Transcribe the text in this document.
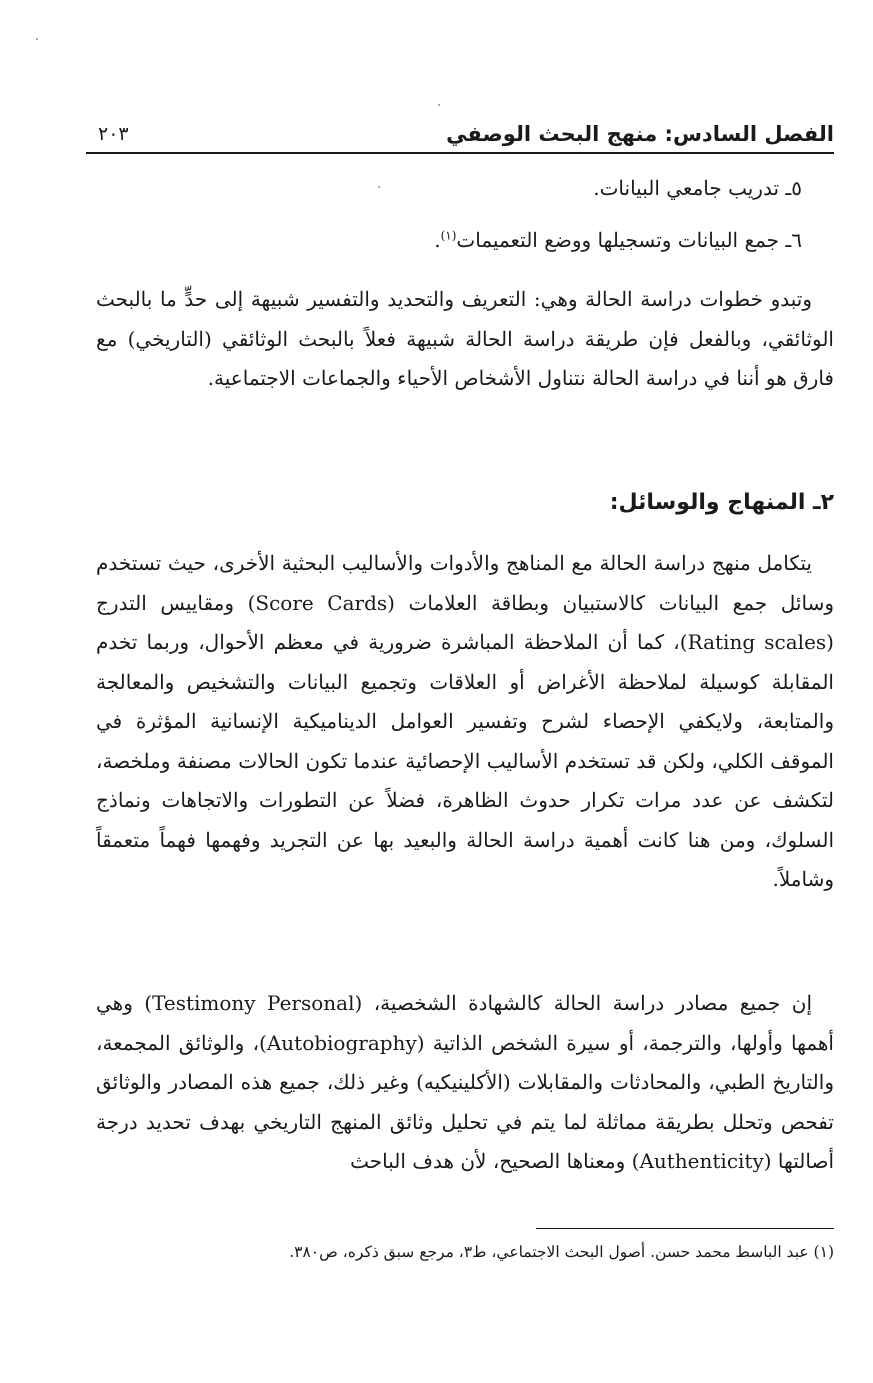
الفصل السادس: منهج البحث الوصفي
٢٠٣
٥ـ تدريب جامعي البيانات.
٦ـ جمع البيانات وتسجيلها ووضع التعميمات$^{(١)}$.
وتبدو خطوات دراسة الحالة وهي: التعريف والتحديد والتفسير شبيهة إلى حدٍّ ما بالبحث الوثائقي، وبالفعل فإن طريقة دراسة الحالة شبيهة فعلاً بالبحث الوثائقي (التاريخي) مع فارق هو أننا في دراسة الحالة نتناول الأشخاص الأحياء والجماعات الاجتماعية.
٢ـ المنهاج والوسائل:
يتكامل منهج دراسة الحالة مع المناهج والأدوات والأساليب البحثية الأخرى، حيث تستخدم وسائل جمع البيانات كالاستبيان وبطاقة العلامات (Score Cards) ومقاييس التدرج (Rating scales)، كما أن الملاحظة المباشرة ضرورية في معظم الأحوال، وربما تخدم المقابلة كوسيلة لملاحظة الأغراض أو العلاقات وتجميع البيانات والتشخيص والمعالجة والمتابعة، ولايكفي الإحصاء لشرح وتفسير العوامل الديناميكية الإنسانية المؤثرة في الموقف الكلي، ولكن قد تستخدم الأساليب الإحصائية عندما تكون الحالات مصنفة وملخصة، لتكشف عن عدد مرات تكرار حدوث الظاهرة، فضلاً عن التطورات والاتجاهات ونماذج السلوك، ومن هنا كانت أهمية دراسة الحالة والبعيد بها عن التجريد وفهمها فهماً متعمقاً وشاملاً.
إن جميع مصادر دراسة الحالة كالشهادة الشخصية، (Testimony Personal) وهي أهمها وأولها، والترجمة، أو سيرة الشخص الذاتية (Autobiography)، والوثائق المجمعة، والتاريخ الطبي، والمحادثات والمقابلات (الأكلينيكيه) وغير ذلك، جميع هذه المصادر والوثائق تفحص وتحلل بطريقة مماثلة لما يتم في تحليل وثائق المنهج التاريخي بهدف تحديد درجة أصالتها (Authenticity) ومعناها الصحيح، لأن هدف الباحث
(١) عبد الباسط محمد حسن. أصول البحث الاجتماعي، ط٣، مرجع سبق ذكره، ص٣٨٠.
